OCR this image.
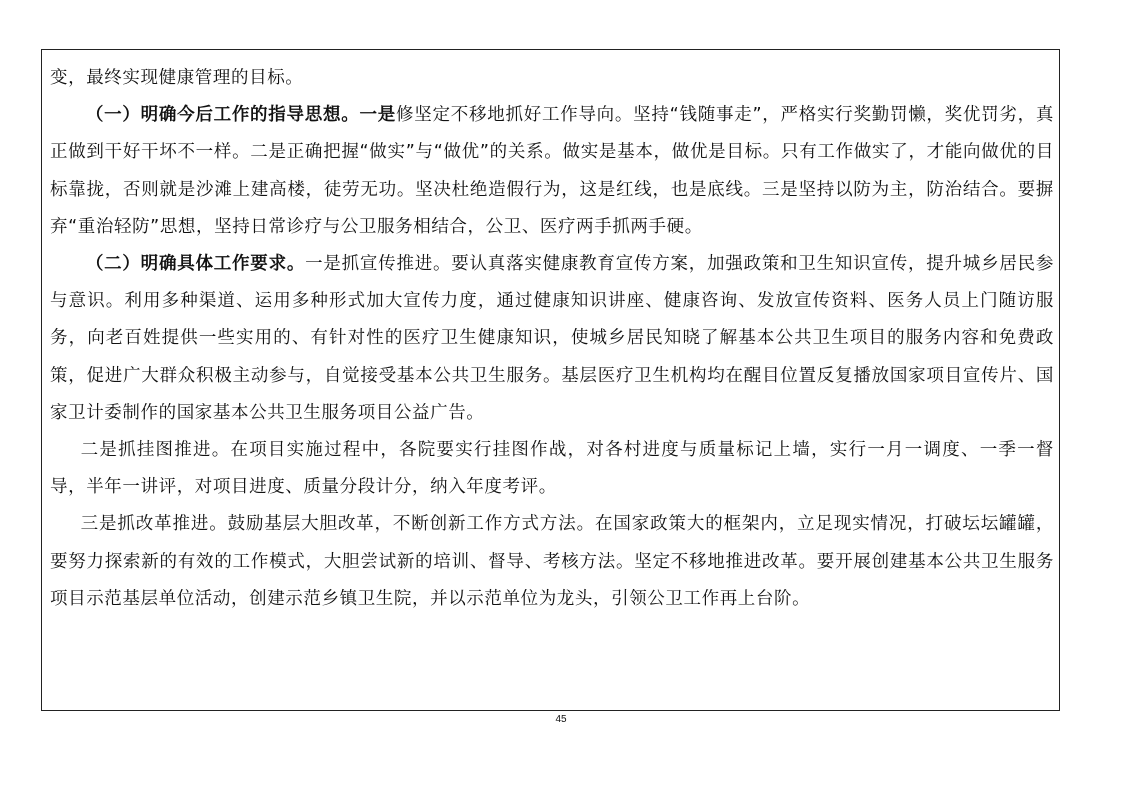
变，最终实现健康管理的目标。

（一）明确今后工作的指导思想。一是修坚定不移地抓好工作导向。坚持“钱随事走”，严格实行奖勤罚懒，奖优罚劣，真正做到干好干坏不一样。二是正确把握“做实”与“做优”的关系。做实是基本，做优是目标。只有工作做实了，才能向做优的目标靠拢，否则就是沙滩上建高楼，徒劳无功。坚决杜绝造假行为，这是红线，也是底线。三是坚持以防为主，防治结合。要摒弃“重治轻防”思想，坚持日常诊疗与公卫服务相结合，公卫、医疗两手抓两手硬。

（二）明确具体工作要求。一是抓宣传推进。要认真落实健康教育宣传方案，加强政策和卫生知识宣传，提升城乡居民参与意识。利用多种渠道、运用多种形式加大宣传力度，通过健康知识讲座、健康咨询、发放宣传资料、医务人员上门随访服务，向老百姓提供一些实用的、有针对性的医疗卫生健康知识，使城乡居民知晓了解基本公共卫生项目的服务内容和免费政策，促进广大群众积极主动参与，自觉接受基本公共卫生服务。基层医疗卫生机构均在醒目位置反复播放国家项目宣传片、国家卫计委制作的国家基本公共卫生服务项目公益广告。

二是抓挂图推进。在项目实施过程中，各院要实行挂图作战，对各村进度与质量标记上墙，实行一月一调度、一季一督导，半年一讲评，对项目进度、质量分段计分，纳入年度考评。

三是抓改革推进。鼓励基层大胆改革，不断创新工作方式方法。在国家政策大的框架内，立足现实情况，打破坛坛罐罐，要努力探索新的有效的工作模式，大胆尝试新的培训、督导、考核方法。坚定不移地推进改革。要开展创建基本公共卫生服务项目示范基层单位活动，创建示范乡镇卫生院，并以示范单位为龙头，引领公卫工作再上台阶。

45
